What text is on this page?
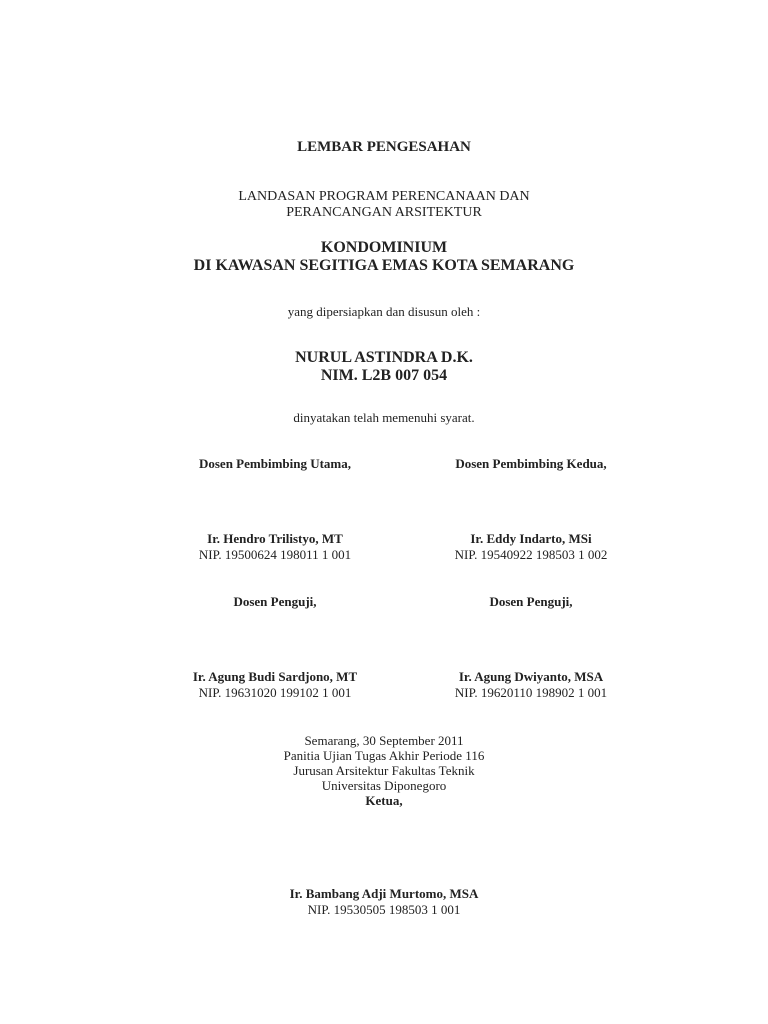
LEMBAR PENGESAHAN
LANDASAN PROGRAM PERENCANAAN DAN
PERANCANGAN ARSITEKTUR
KONDOMINIUM
DI KAWASAN SEGITIGA EMAS KOTA SEMARANG
yang dipersiapkan dan disusun oleh :
NURUL ASTINDRA D.K.
NIM. L2B 007 054
dinyatakan telah memenuhi syarat.
Dosen Pembimbing Utama,	Dosen Pembimbing Kedua,
Ir. Hendro Trilistyo, MT
NIP. 19500624 198011 1 001
Ir. Eddy Indarto, MSi
NIP. 19540922 198503 1 002
Dosen Penguji,	Dosen Penguji,
Ir. Agung Budi Sardjono, MT
NIP. 19631020 199102 1 001
Ir. Agung Dwiyanto, MSA
NIP. 19620110 198902 1 001
Semarang, 30 September 2011
Panitia Ujian Tugas Akhir Periode 116
Jurusan Arsitektur Fakultas Teknik
Universitas Diponegoro
Ketua,
Ir. Bambang Adji Murtomo, MSA
NIP. 19530505 198503 1 001
